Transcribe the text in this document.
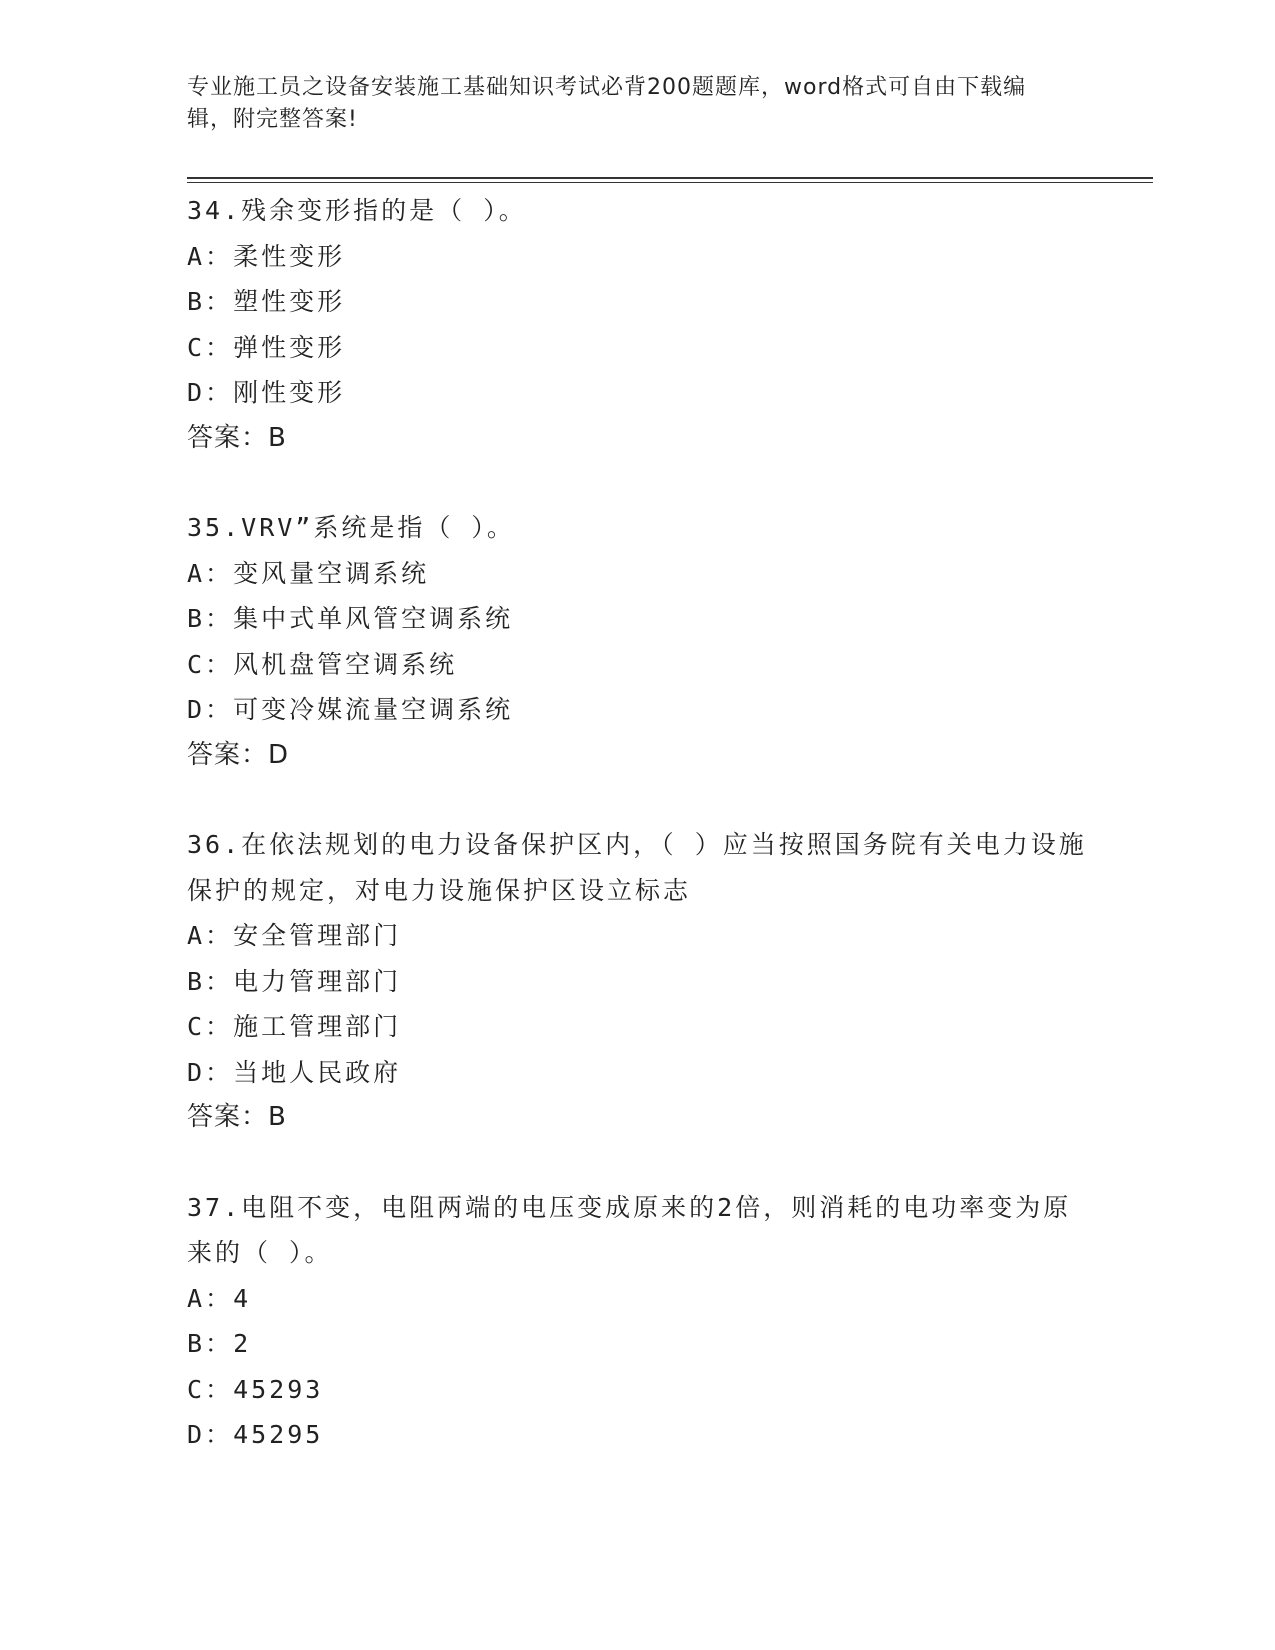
专业施工员之设备安装施工基础知识考试必背200题题库，word格式可自由下载编辑，附完整答案!
34.残余变形指的是（ ）。
A：柔性变形
B：塑性变形
C：弹性变形
D：刚性变形
答案：B
35.VRV”系统是指（ ）。
A：变风量空调系统
B：集中式单风管空调系统
C：风机盘管空调系统
D：可变冷媒流量空调系统
答案：D
36.在依法规划的电力设备保护区内，（ ）应当按照国务院有关电力设施保护的规定，对电力设施保护区设立标志
A：安全管理部门
B：电力管理部门
C：施工管理部门
D：当地人民政府
答案：B
37.电阻不变，电阻两端的电压变成原来的2倍，则消耗的电功率变为原来的（ ）。
A：4
B：2
C：45293
D：45295
